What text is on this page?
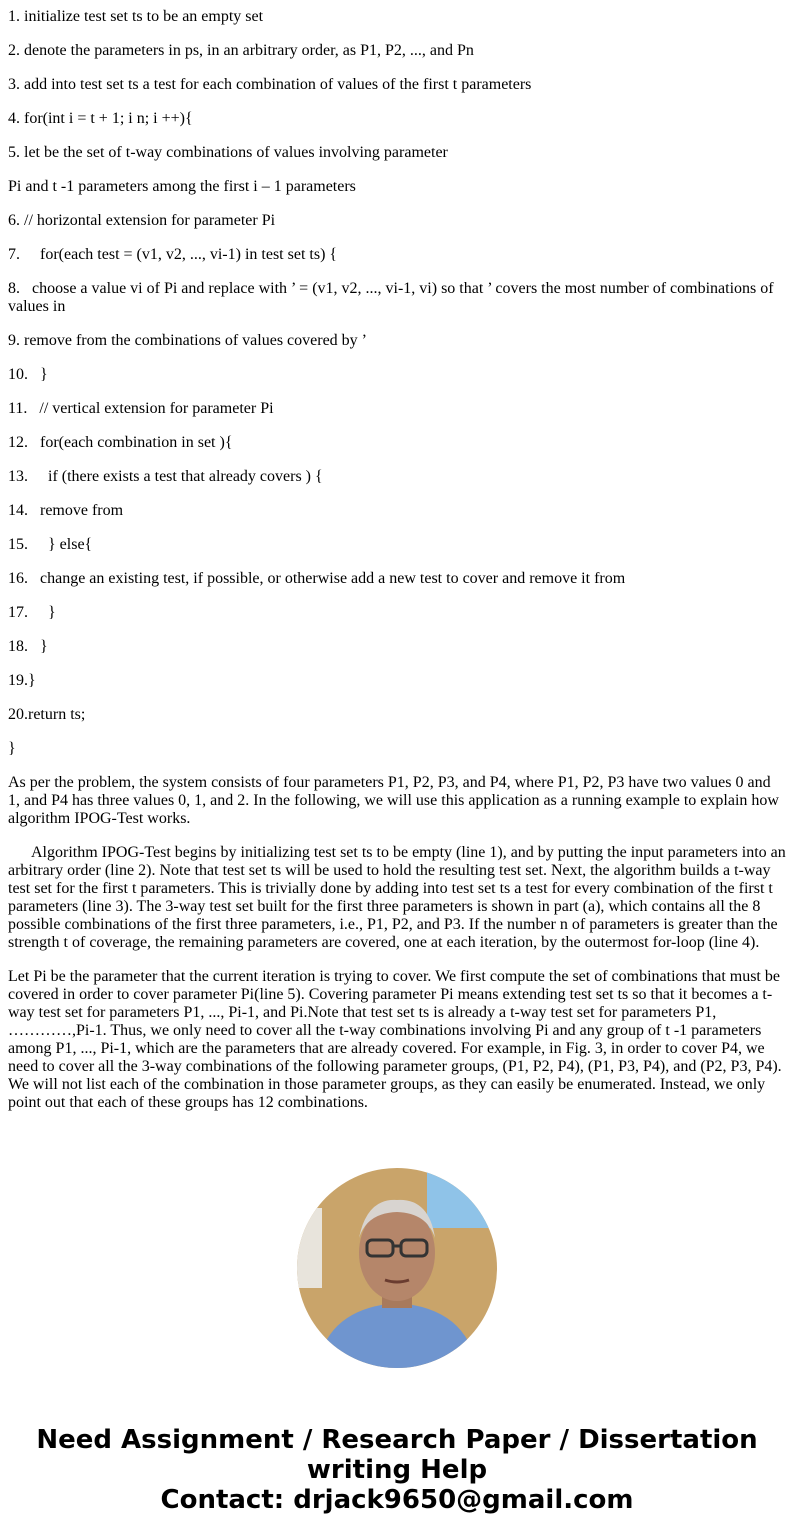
1. initialize test set ts to be an empty set

2. denote the parameters in ps, in an arbitrary order, as P1, P2, ..., and Pn

3. add into test set ts a test for each combination of values of the first t parameters

4. for(int i = t + 1; i n; i ++){

5. let be the set of t-way combinations of values involving parameter

Pi and t -1 parameters among the first i – 1 parameters

6. // horizontal extension for parameter Pi

7.     for(each test = (v1, v2, ..., vi-1) in test set ts) {

8.   choose a value vi of Pi and replace with ’ = (v1, v2, ..., vi-1, vi) so that ’ covers the most number of combinations of values in

9. remove from the combinations of values covered by ’

10.   }

11.   // vertical extension for parameter Pi

12.   for(each combination in set ){

13.     if (there exists a test that already covers ) {

14.   remove from

15.     } else{

16.   change an existing test, if possible, or otherwise add a new test to cover and remove it from

17.     }

18.   }

19.}

20.return ts;

}

As per the problem, the system consists of four parameters P1, P2, P3, and P4, where P1, P2, P3 have two values 0 and 1, and P4 has three values 0, 1, and 2. In the following, we will use this application as a running example to explain how algorithm IPOG-Test works.

Algorithm IPOG-Test begins by initializing test set ts to be empty (line 1), and by putting the input parameters into an arbitrary order (line 2). Note that test set ts will be used to hold the resulting test set. Next, the algorithm builds a t-way test set for the first t parameters. This is trivially done by adding into test set ts a test for every combination of the first t parameters (line 3). The 3-way test set built for the first three parameters is shown in part (a), which contains all the 8 possible combinations of the first three parameters, i.e., P1, P2, and P3. If the number n of parameters is greater than the strength t of coverage, the remaining parameters are covered, one at each iteration, by the outermost for-loop (line 4).

Let Pi be the parameter that the current iteration is trying to cover. We first compute the set of combinations that must be covered in order to cover parameter Pi(line 5). Covering parameter Pi means extending test set ts so that it becomes a t-way test set for parameters P1, ..., Pi-1, and Pi.Note that test set ts is already a t-way test set for parameters P1, …………,Pi-1. Thus, we only need to cover all the t-way combinations involving Pi and any group of t -1 parameters among P1, ..., Pi-1, which are the parameters that are already covered. For example, in Fig. 3, in order to cover P4, we need to cover all the 3-way combinations of the following parameter groups, (P1, P2, P4), (P1, P3, P4), and (P2, P3, P4). We will not list each of the combination in those parameter groups, as they can easily be enumerated. Instead, we only point out that each of these groups has 12 combinations.

Need Assignment / Research Paper / Dissertation writing Help
Contact: drjack9650@gmail.com
